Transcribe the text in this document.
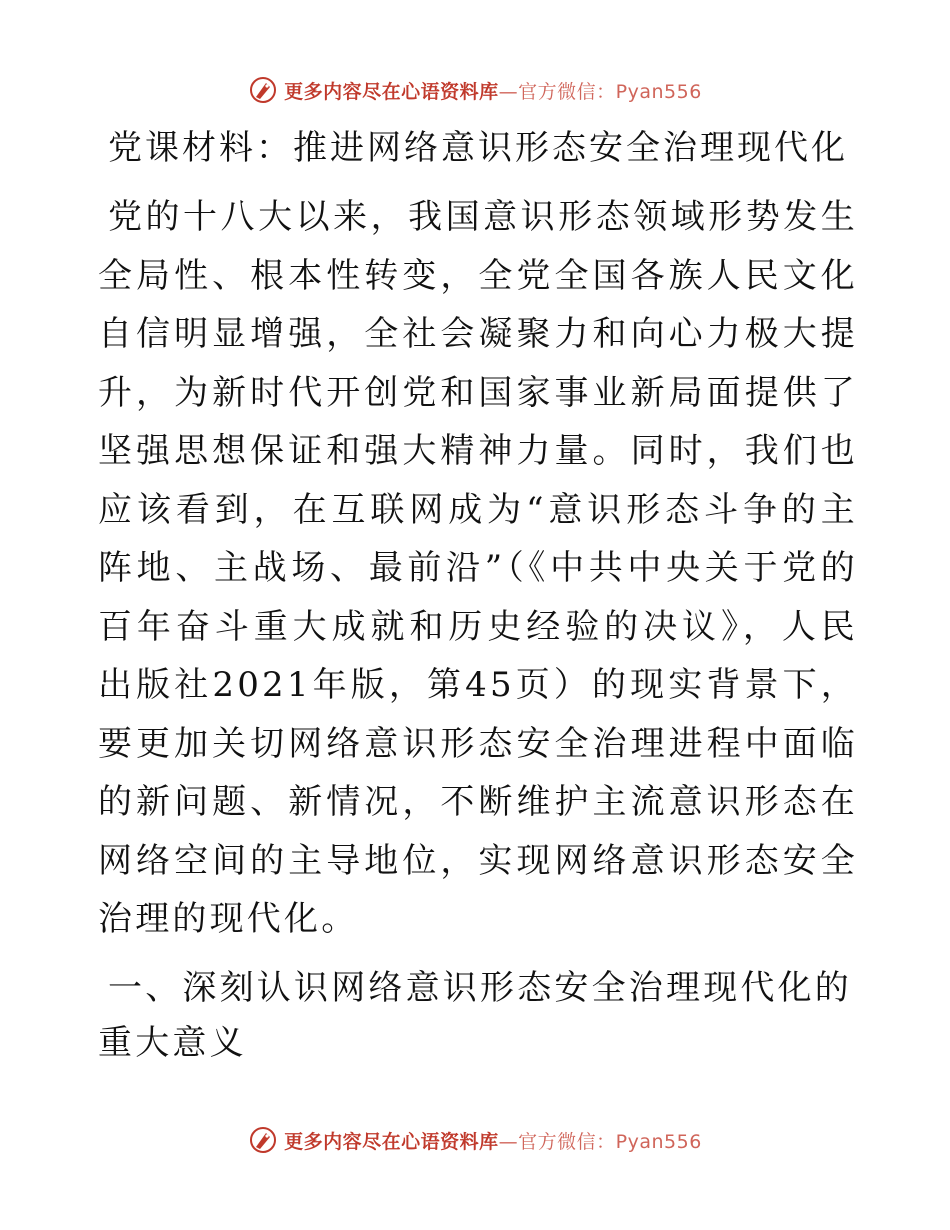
更多内容尽在心语资料库—官方微信：Pyan556
党课材料：推进网络意识形态安全治理现代化

党的十八大以来，我国意识形态领域形势发生全局性、根本性转变，全党全国各族人民文化自信明显增强，全社会凝聚力和向心力极大提升，为新时代开创党和国家事业新局面提供了坚强思想保证和强大精神力量。同时，我们也应该看到，在互联网成为“意识形态斗争的主阵地、主战场、最前沿”（《中共中央关于党的百年奋斗重大成就和历史经验的决议》，人民出版社2021年版，第45页）的现实背景下，要更加关切网络意识形态安全治理进程中面临的新问题、新情况，不断维护主流意识形态在网络空间的主导地位，实现网络意识形态安全治理的现代化。

一、深刻认识网络意识形态安全治理现代化的重大意义
更多内容尽在心语资料库—官方微信：Pyan556
